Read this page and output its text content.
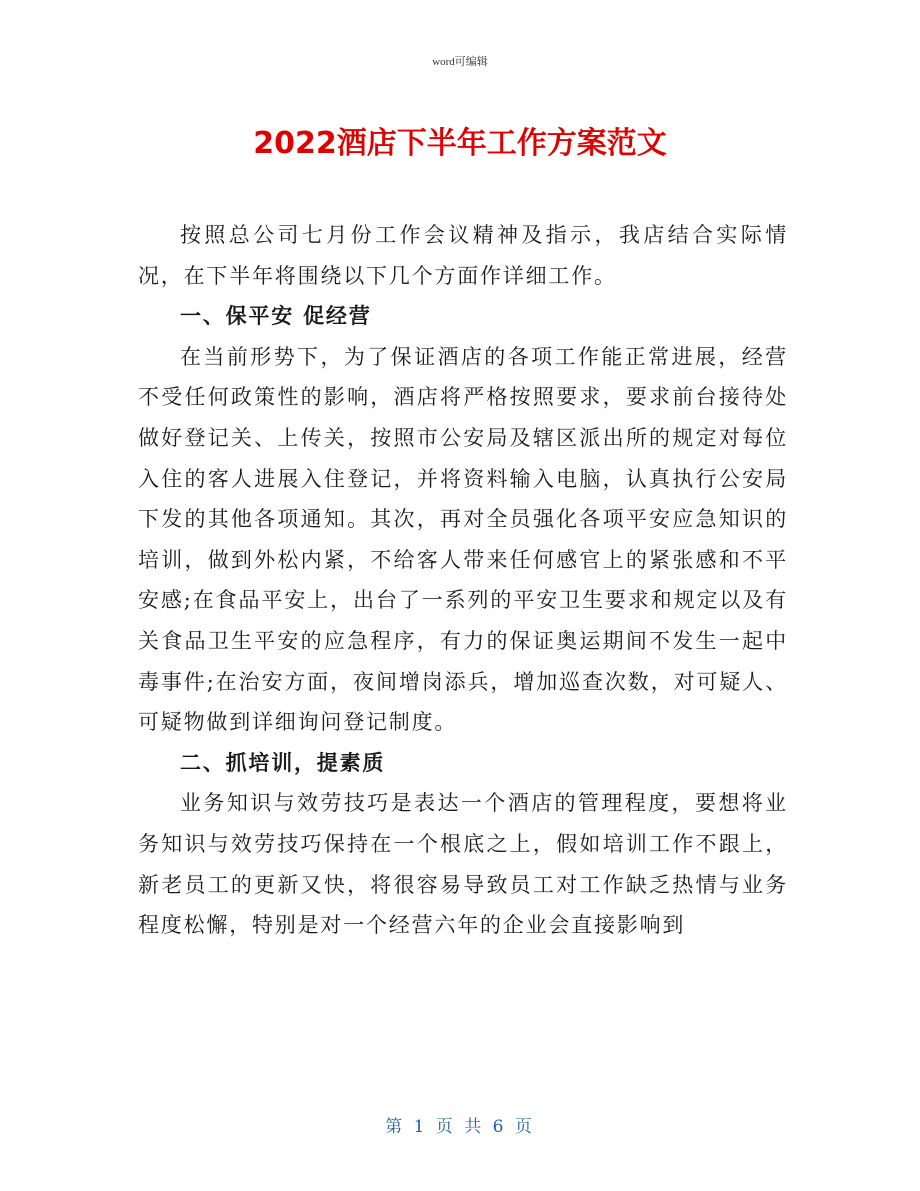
word可编辑
2022酒店下半年工作方案范文

按照总公司七月份工作会议精神及指示，我店结合实际情况，在下半年将围绕以下几个方面作详细工作。

一、保平安 促经营

在当前形势下，为了保证酒店的各项工作能正常进展，经营不受任何政策性的影响，酒店将严格按照要求，要求前台接待处做好登记关、上传关，按照市公安局及辖区派出所的规定对每位入住的客人进展入住登记，并将资料输入电脑，认真执行公安局下发的其他各项通知。其次，再对全员强化各项平安应急知识的培训，做到外松内紧，不给客人带来任何感官上的紧张感和不平安感;在食品平安上，出台了一系列的平安卫生要求和规定以及有关食品卫生平安的应急程序，有力的保证奥运期间不发生一起中毒事件;在治安方面，夜间增岗添兵，增加巡查次数，对可疑人、可疑物做到详细询问登记制度。

二、抓培训，提素质

业务知识与效劳技巧是表达一个酒店的管理程度，要想将业务知识与效劳技巧保持在一个根底之上，假如培训工作不跟上，新老员工的更新又快，将很容易导致员工对工作缺乏热情与业务程度松懈，特别是对一个经营六年的企业会直接影响到

第 1 页 共 6 页
